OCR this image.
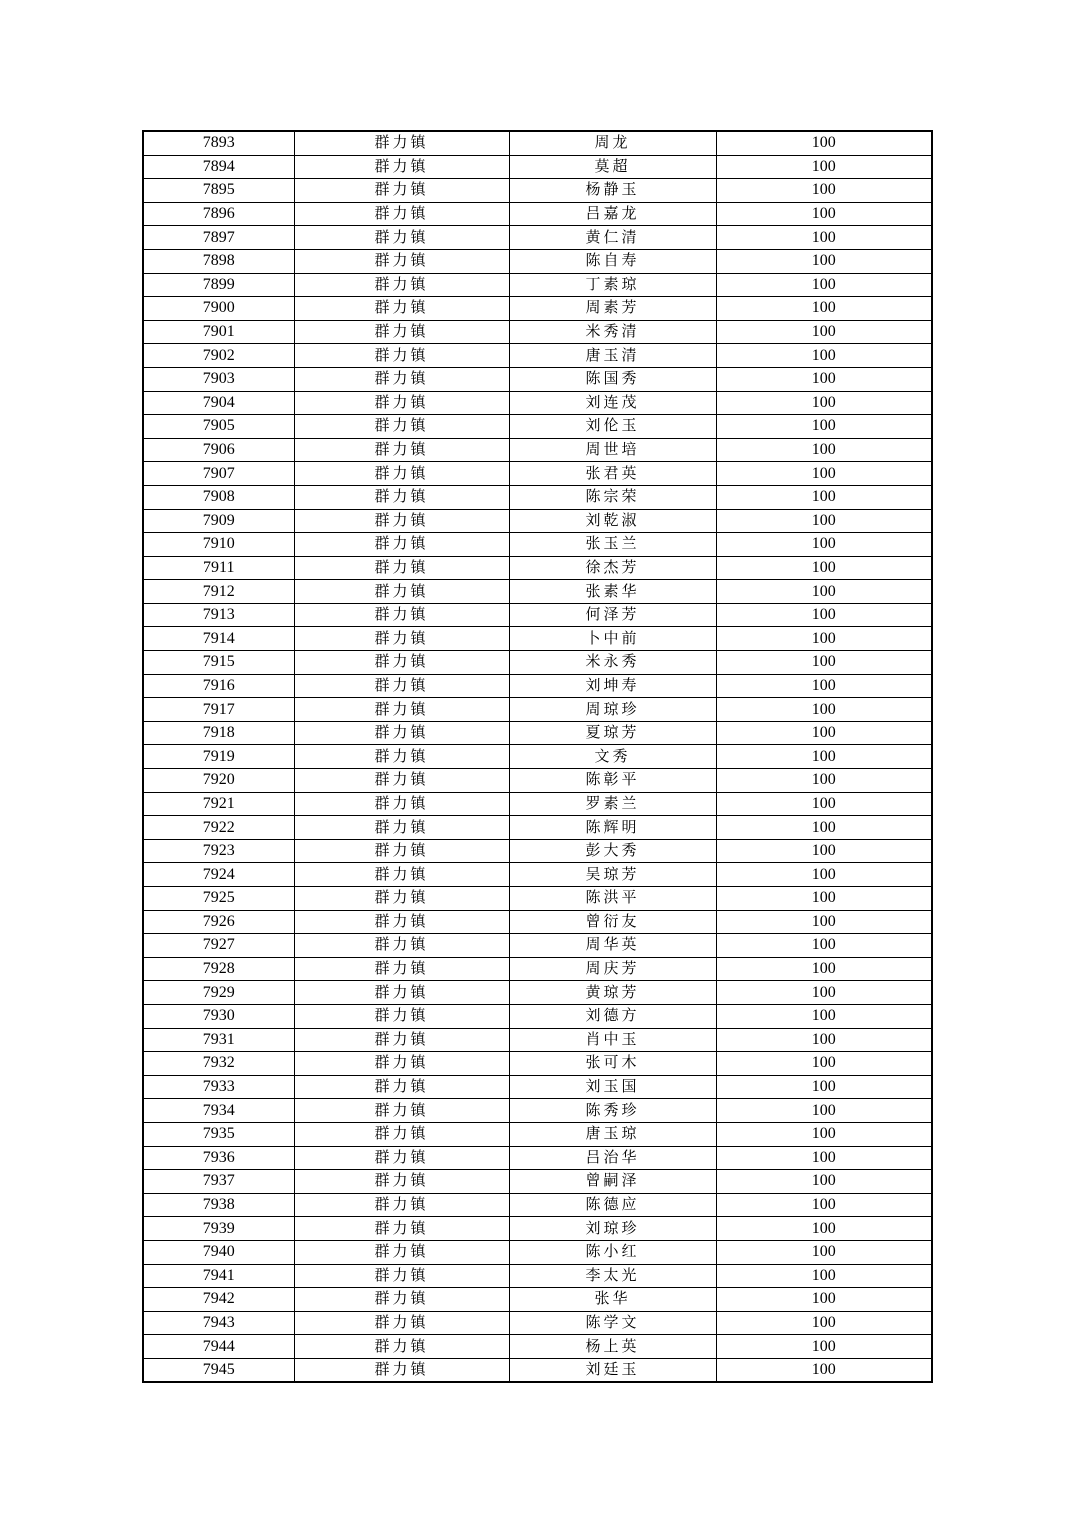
7893	群力镇	周龙	100
7894	群力镇	莫超	100
7895	群力镇	杨静玉	100
7896	群力镇	吕嘉龙	100
7897	群力镇	黄仁清	100
7898	群力镇	陈自寿	100
7899	群力镇	丁素琼	100
7900	群力镇	周素芳	100
7901	群力镇	米秀清	100
7902	群力镇	唐玉清	100
7903	群力镇	陈国秀	100
7904	群力镇	刘连茂	100
7905	群力镇	刘伦玉	100
7906	群力镇	周世培	100
7907	群力镇	张君英	100
7908	群力镇	陈宗荣	100
7909	群力镇	刘乾淑	100
7910	群力镇	张玉兰	100
7911	群力镇	徐杰芳	100
7912	群力镇	张素华	100
7913	群力镇	何泽芳	100
7914	群力镇	卜中前	100
7915	群力镇	米永秀	100
7916	群力镇	刘坤寿	100
7917	群力镇	周琼珍	100
7918	群力镇	夏琼芳	100
7919	群力镇	文秀	100
7920	群力镇	陈彰平	100
7921	群力镇	罗素兰	100
7922	群力镇	陈辉明	100
7923	群力镇	彭大秀	100
7924	群力镇	吴琼芳	100
7925	群力镇	陈洪平	100
7926	群力镇	曾衍友	100
7927	群力镇	周华英	100
7928	群力镇	周庆芳	100
7929	群力镇	黄琼芳	100
7930	群力镇	刘德方	100
7931	群力镇	肖中玉	100
7932	群力镇	张可木	100
7933	群力镇	刘玉国	100
7934	群力镇	陈秀珍	100
7935	群力镇	唐玉琼	100
7936	群力镇	吕治华	100
7937	群力镇	曾嗣泽	100
7938	群力镇	陈德应	100
7939	群力镇	刘琼珍	100
7940	群力镇	陈小红	100
7941	群力镇	李太光	100
7942	群力镇	张华	100
7943	群力镇	陈学文	100
7944	群力镇	杨上英	100
7945	群力镇	刘廷玉	100
